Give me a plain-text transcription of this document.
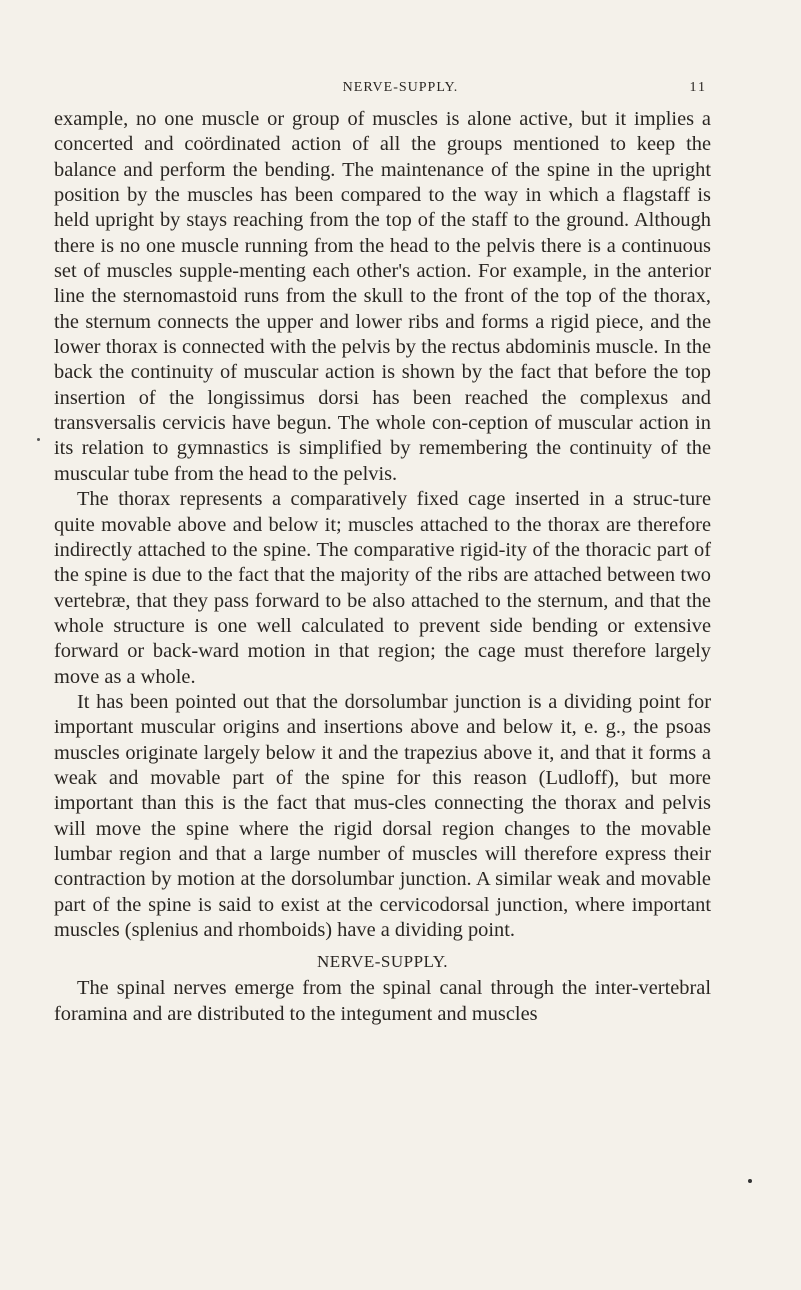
NERVE-SUPPLY.	11

example, no one muscle or group of muscles is alone active, but it implies a concerted and coördinated action of all the groups mentioned to keep the balance and perform the bending. The maintenance of the spine in the upright position by the muscles has been compared to the way in which a flagstaff is held upright by stays reaching from the top of the staff to the ground. Although there is no one muscle running from the head to the pelvis there is a continuous set of muscles supple-menting each other's action. For example, in the anterior line the sternomastoid runs from the skull to the front of the top of the thorax, the sternum connects the upper and lower ribs and forms a rigid piece, and the lower thorax is connected with the pelvis by the rectus abdominis muscle. In the back the continuity of muscular action is shown by the fact that before the top insertion of the longissimus dorsi has been reached the complexus and transversalis cervicis have begun. The whole con-ception of muscular action in its relation to gymnastics is simplified by remembering the continuity of the muscular tube from the head to the pelvis.

The thorax represents a comparatively fixed cage inserted in a struc-ture quite movable above and below it; muscles attached to the thorax are therefore indirectly attached to the spine. The comparative rigid-ity of the thoracic part of the spine is due to the fact that the majority of the ribs are attached between two vertebræ, that they pass forward to be also attached to the sternum, and that the whole structure is one well calculated to prevent side bending or extensive forward or back-ward motion in that region; the cage must therefore largely move as a whole.

It has been pointed out that the dorsolumbar junction is a dividing point for important muscular origins and insertions above and below it, e. g., the psoas muscles originate largely below it and the trapezius above it, and that it forms a weak and movable part of the spine for this reason (Ludloff), but more important than this is the fact that mus-cles connecting the thorax and pelvis will move the spine where the rigid dorsal region changes to the movable lumbar region and that a large number of muscles will therefore express their contraction by motion at the dorsolumbar junction. A similar weak and movable part of the spine is said to exist at the cervicodorsal junction, where important muscles (splenius and rhomboids) have a dividing point.

NERVE-SUPPLY.

The spinal nerves emerge from the spinal canal through the inter-vertebral foramina and are distributed to the integument and muscles
